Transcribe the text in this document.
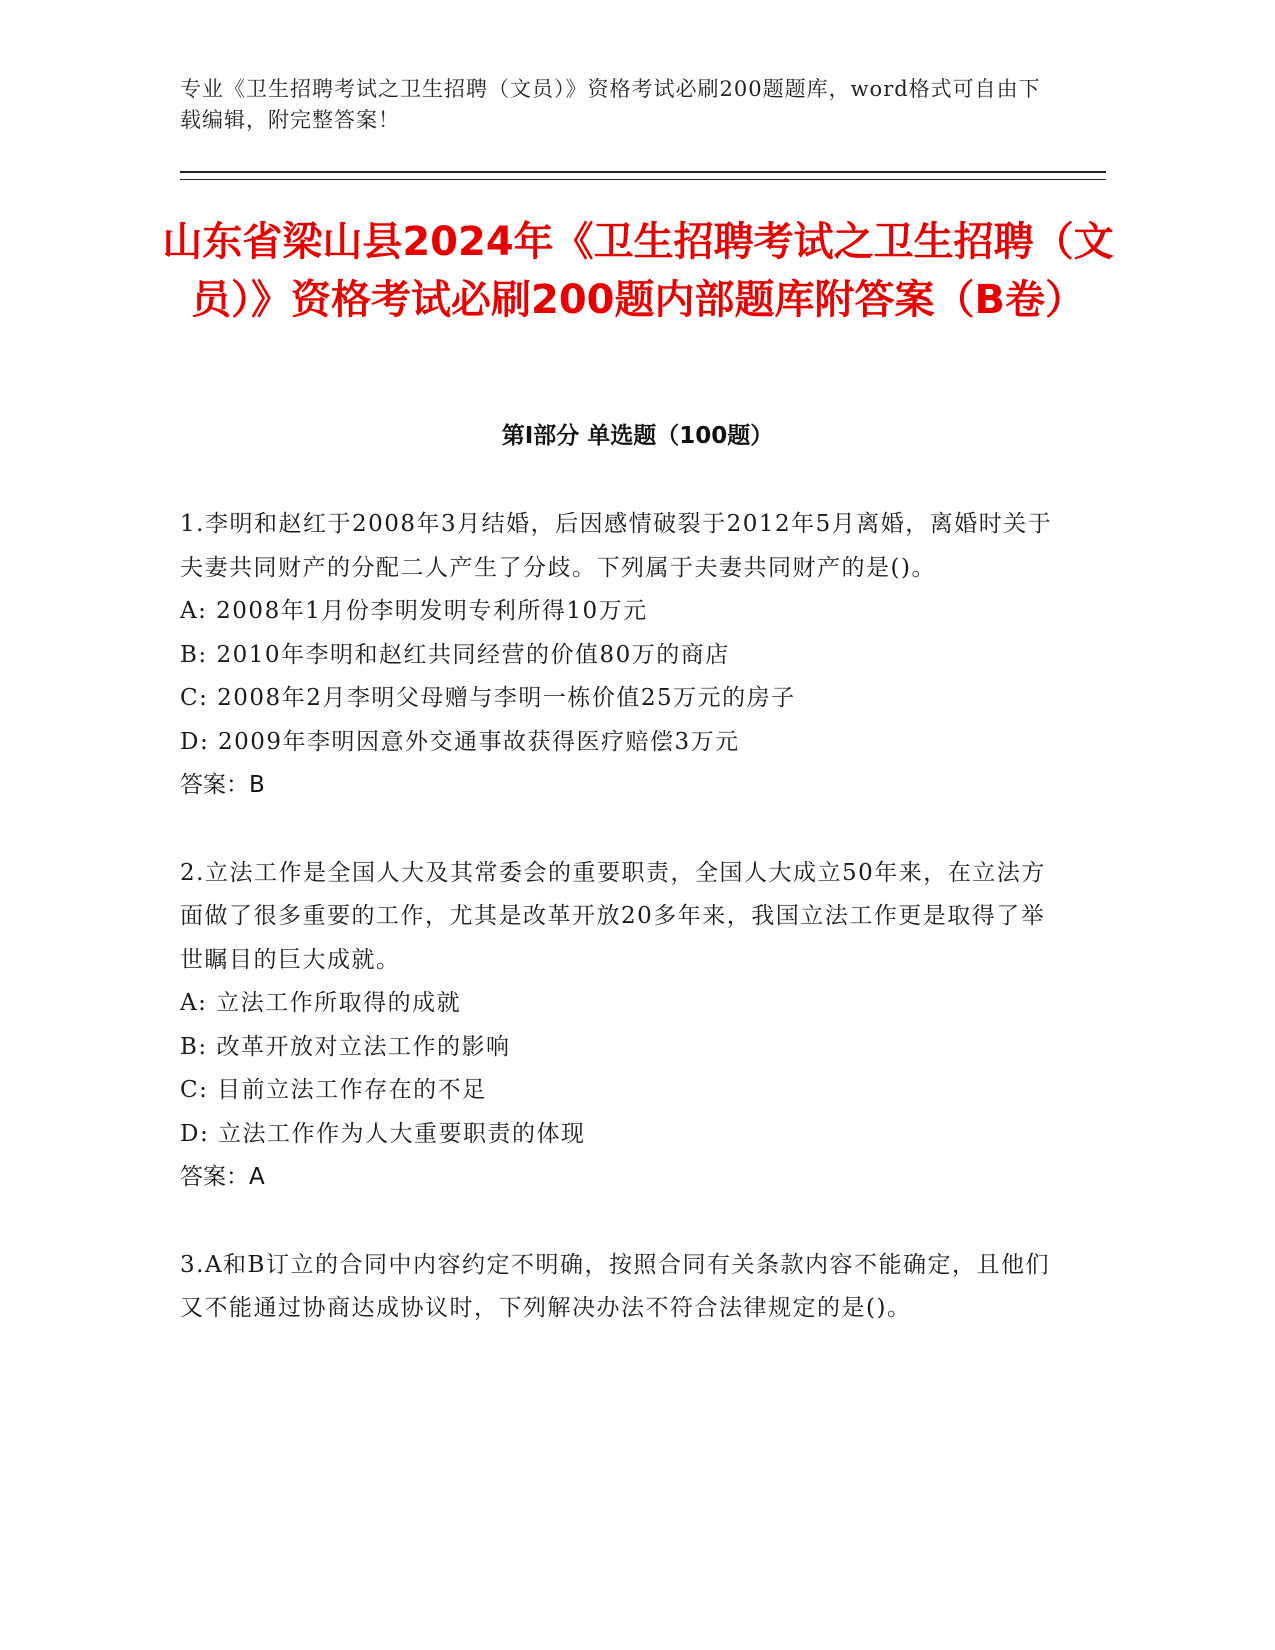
专业《卫生招聘考试之卫生招聘（文员）》资格考试必刷200题题库，word格式可自由下载编辑，附完整答案！
山东省梁山县2024年《卫生招聘考试之卫生招聘（文员）》资格考试必刷200题内部题库附答案（B卷）
第I部分 单选题（100题）
1.李明和赵红于2008年3月结婚，后因感情破裂于2012年5月离婚，离婚时关于夫妻共同财产的分配二人产生了分歧。下列属于夫妻共同财产的是()。
A: 2008年1月份李明发明专利所得10万元
B: 2010年李明和赵红共同经营的价值80万的商店
C: 2008年2月李明父母赠与李明一栋价值25万元的房子
D: 2009年李明因意外交通事故获得医疗赔偿3万元
答案：B
2.立法工作是全国人大及其常委会的重要职责，全国人大成立50年来，在立法方面做了很多重要的工作，尤其是改革开放20多年来，我国立法工作更是取得了举世瞩目的巨大成就。
A: 立法工作所取得的成就
B: 改革开放对立法工作的影响
C: 目前立法工作存在的不足
D: 立法工作作为人大重要职责的体现
答案：A
3.A和B订立的合同中内容约定不明确，按照合同有关条款内容不能确定，且他们又不能通过协商达成协议时，下列解决办法不符合法律规定的是()。
